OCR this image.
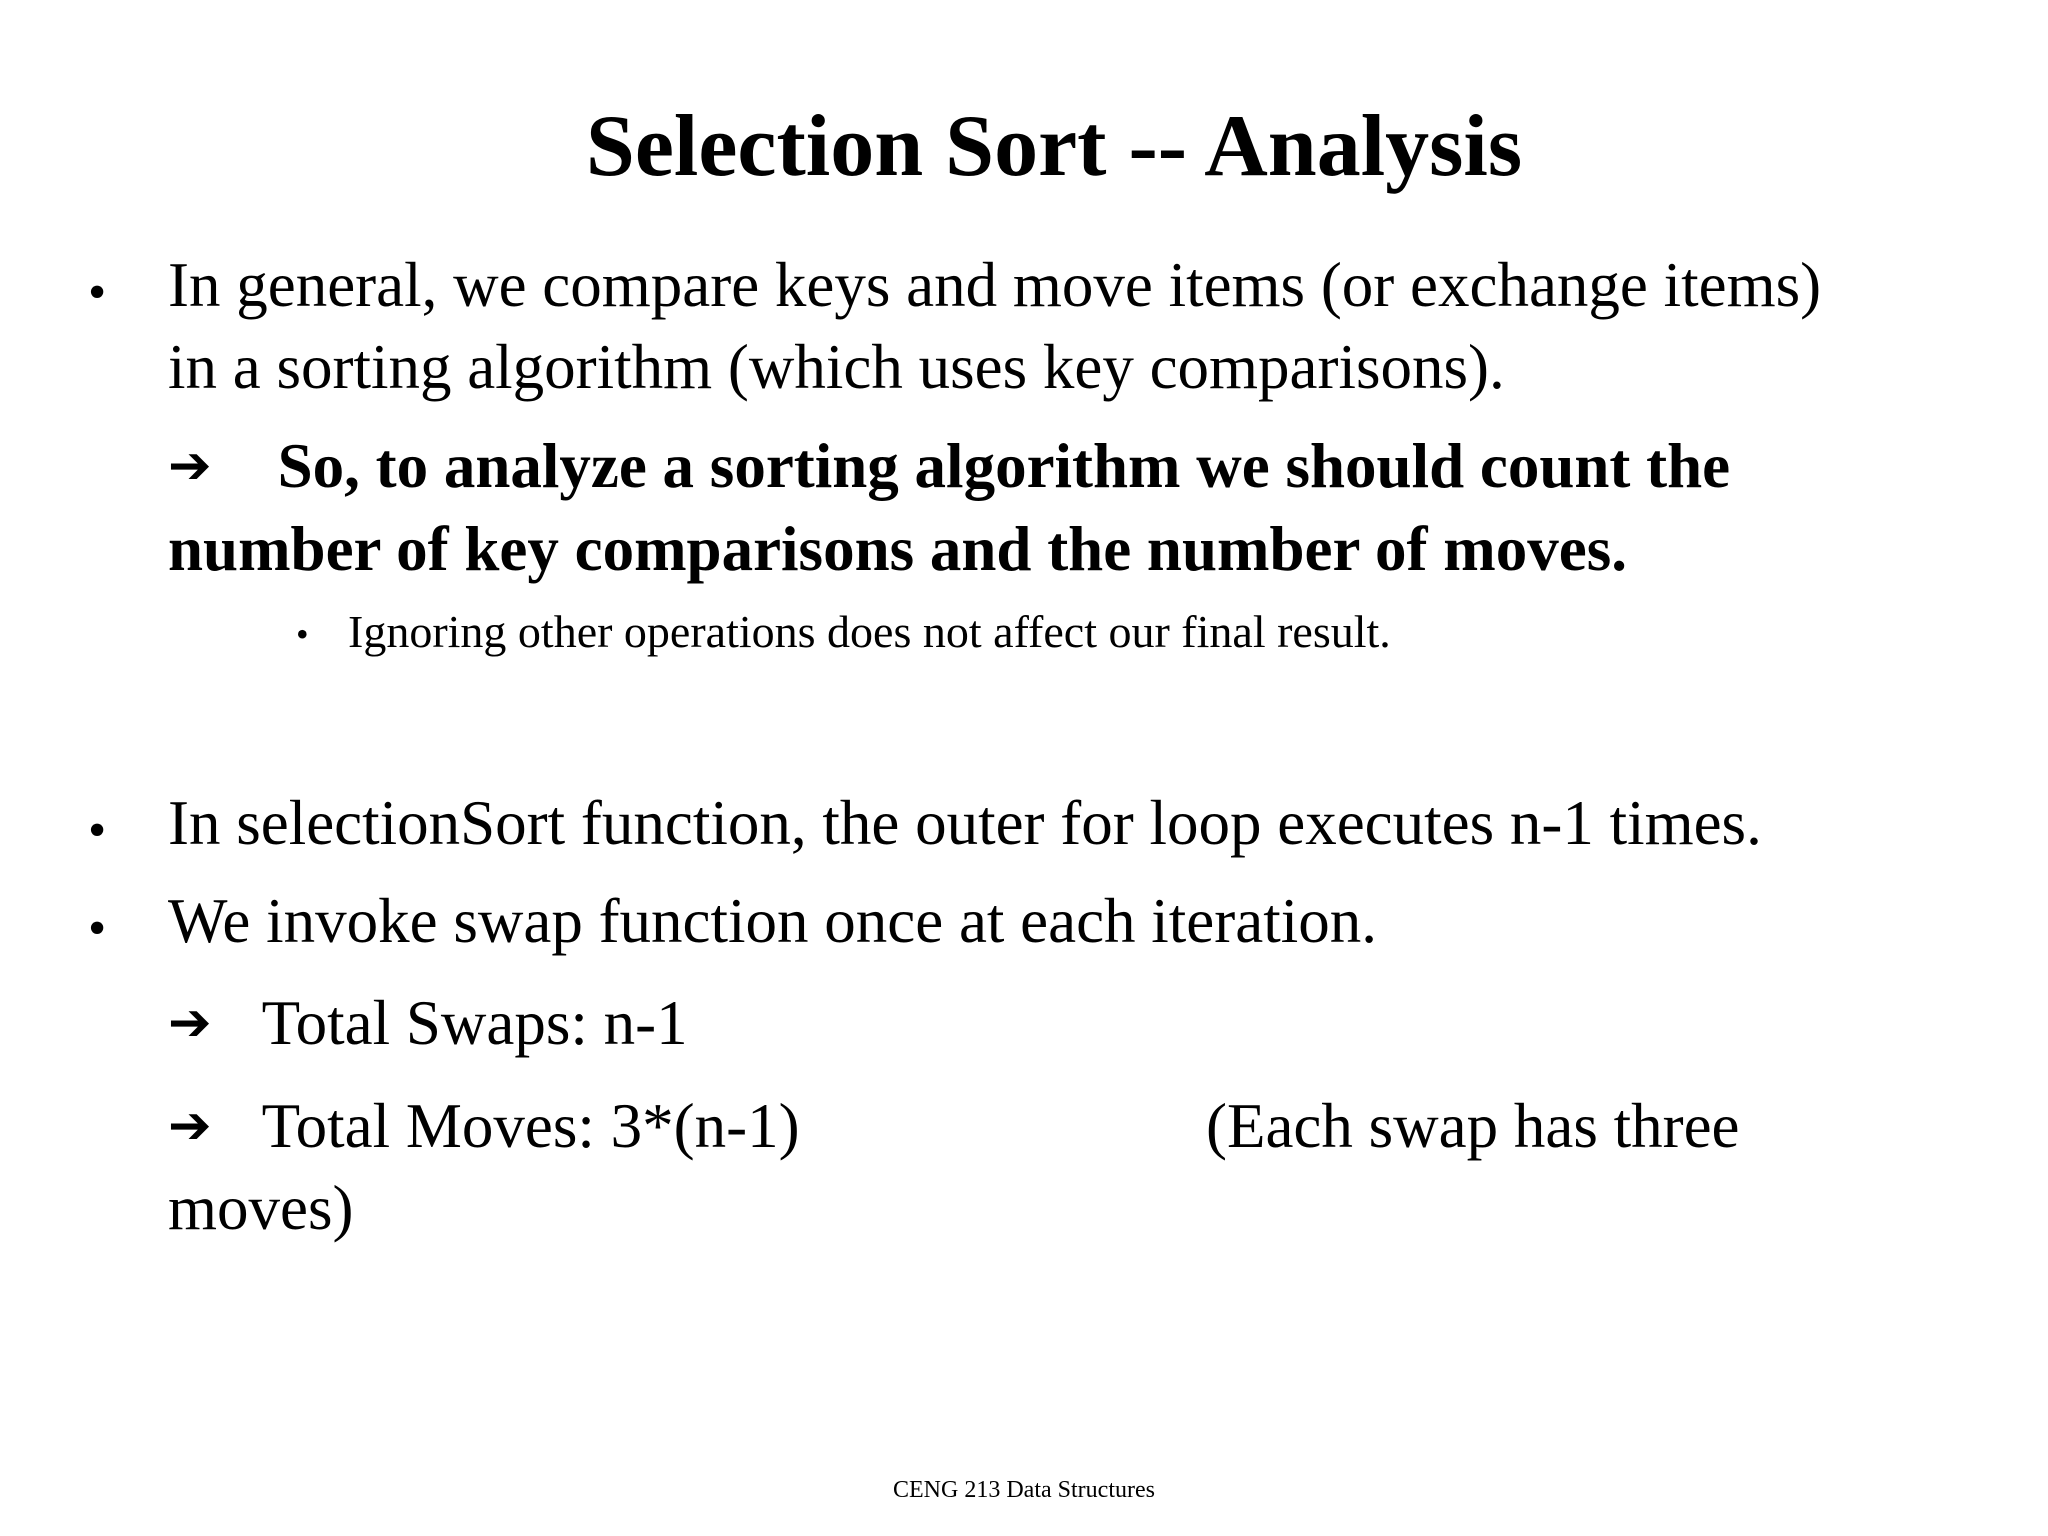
Selection Sort -- Analysis
• In general, we compare keys and move items (or exchange items)
in a sorting algorithm (which uses key comparisons).
➔ So, to analyze a sorting algorithm we should count the
number of key comparisons and the number of moves.
• Ignoring other operations does not affect our final result.
• In selectionSort function, the outer for loop executes n-1 times.
• We invoke swap function once at each iteration.
➔ Total Swaps: n-1
➔ Total Moves: 3*(n-1)	(Each swap has three
moves)
CENG 213 Data Structures
